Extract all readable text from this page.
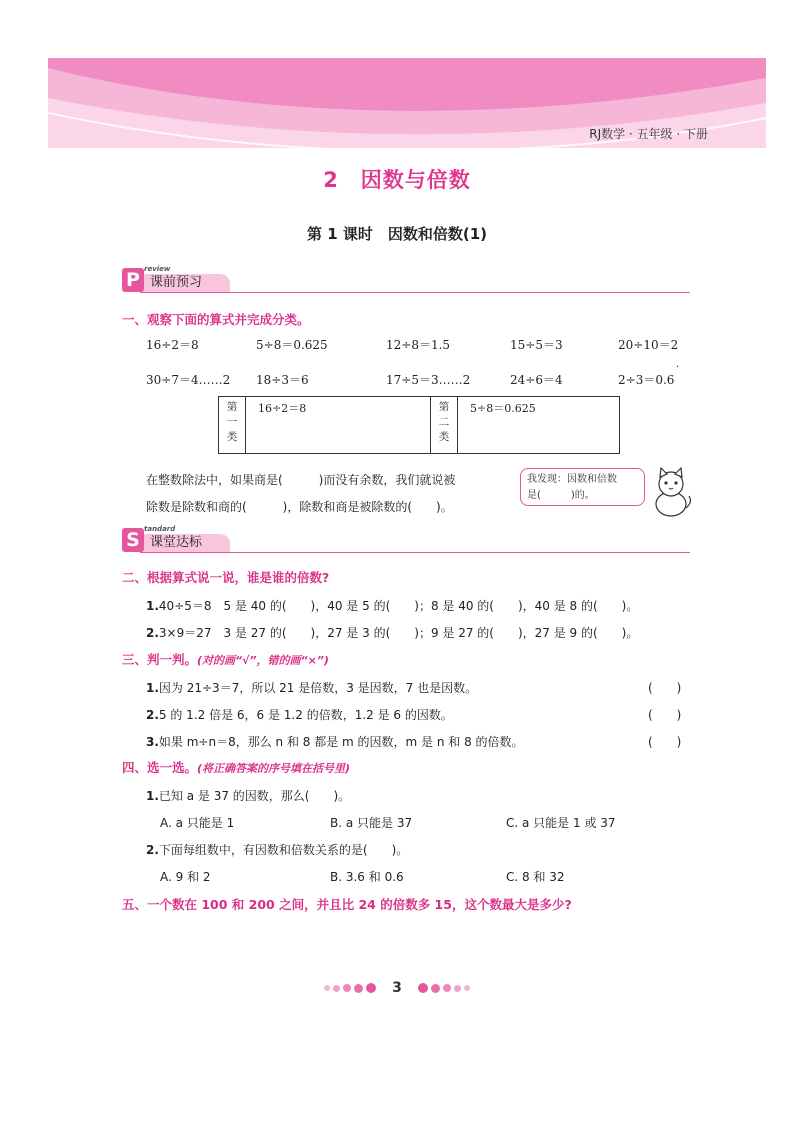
RJ数学 · 五年级 · 下册
2　因数与倍数
第 1 课时　因数和倍数(1)
P review
课前预习
一、观察下面的算式并完成分类。
16÷2＝8	5÷8＝0.625	12÷8＝1.5	15÷5＝3	20÷10＝2
30÷7＝4……2 18÷3＝6	17÷5＝3……2	24÷6＝4	2÷3＝0.6
·
第一类	16÷2＝8	第二类	5÷8＝0.625
在整数除法中，如果商是(　　　)而没有余数，我们就说被
除数是除数和商的(　　　)，除数和商是被除数的(　　)。
我发现：因数和倍数
是(　　　)的。
S tandard
课堂达标
二、根据算式说一说，谁是谁的倍数?
1.40÷5＝8　5 是 40 的(　　)，40 是 5 的(　　)；8 是 40 的(　　)，40 是 8 的(　　)。
2.3×9＝27　3 是 27 的(　　)，27 是 3 的(　　)；9 是 27 的(　　)，27 是 9 的(　　)。
三、判一判。(对的画“√”，错的画“×”)
1.因为 21÷3＝7，所以 21 是倍数，3 是因数，7 也是因数。	(　　)
2.5 的 1.2 倍是 6，6 是 1.2 的倍数，1.2 是 6 的因数。	(　　)
3.如果 m÷n＝8，那么 n 和 8 都是 m 的因数，m 是 n 和 8 的倍数。	(　　)
四、选一选。(将正确答案的序号填在括号里)
1.已知 a 是 37 的因数，那么(　　)。
A. a 只能是 1	B. a 只能是 37	C. a 只能是 1 或 37
2.下面每组数中，有因数和倍数关系的是(　　)。
A. 9 和 2	B. 3.6 和 0.6	C. 8 和 32
五、一个数在 100 和 200 之间，并且比 24 的倍数多 15，这个数最大是多少?
3
